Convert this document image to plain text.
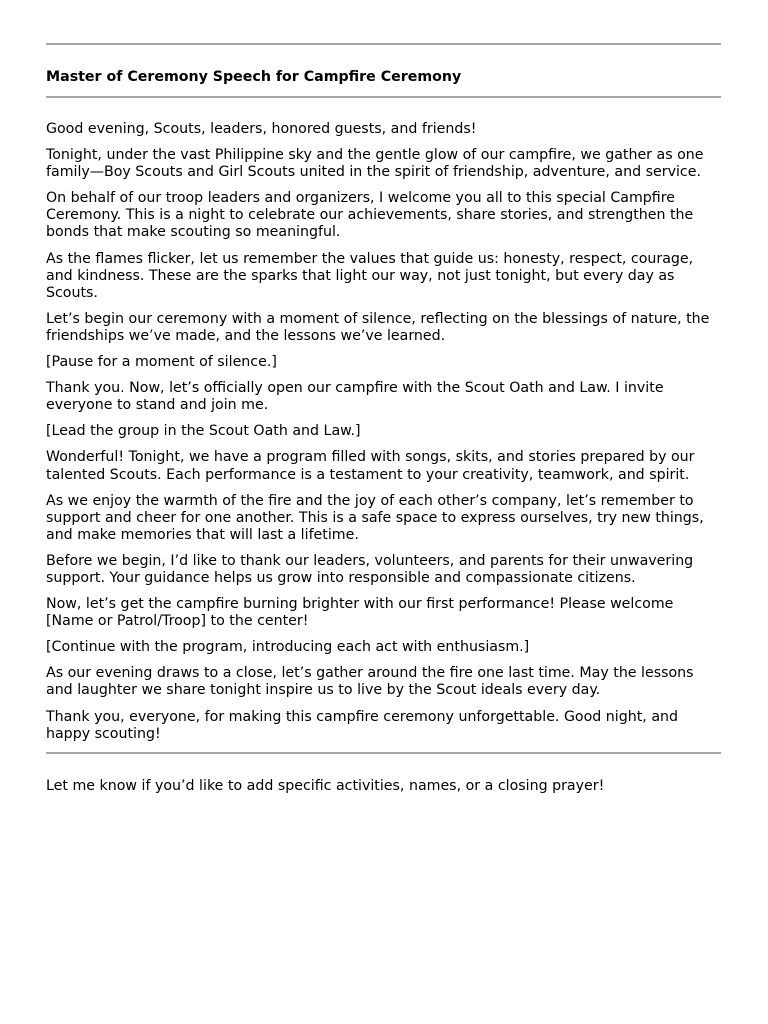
Master of Ceremony Speech for Campfire Ceremony

Good evening, Scouts, leaders, honored guests, and friends!

Tonight, under the vast Philippine sky and the gentle glow of our campfire, we gather as one family—Boy Scouts and Girl Scouts united in the spirit of friendship, adventure, and service.

On behalf of our troop leaders and organizers, I welcome you all to this special Campfire Ceremony. This is a night to celebrate our achievements, share stories, and strengthen the bonds that make scouting so meaningful.

As the flames flicker, let us remember the values that guide us: honesty, respect, courage, and kindness. These are the sparks that light our way, not just tonight, but every day as Scouts.

Let’s begin our ceremony with a moment of silence, reflecting on the blessings of nature, the friendships we’ve made, and the lessons we’ve learned.

[Pause for a moment of silence.]

Thank you. Now, let’s officially open our campfire with the Scout Oath and Law. I invite everyone to stand and join me.

[Lead the group in the Scout Oath and Law.]

Wonderful! Tonight, we have a program filled with songs, skits, and stories prepared by our talented Scouts. Each performance is a testament to your creativity, teamwork, and spirit.

As we enjoy the warmth of the fire and the joy of each other’s company, let’s remember to support and cheer for one another. This is a safe space to express ourselves, try new things, and make memories that will last a lifetime.

Before we begin, I’d like to thank our leaders, volunteers, and parents for their unwavering support. Your guidance helps us grow into responsible and compassionate citizens.

Now, let’s get the campfire burning brighter with our first performance! Please welcome [Name or Patrol/Troop] to the center!

[Continue with the program, introducing each act with enthusiasm.]

As our evening draws to a close, let’s gather around the fire one last time. May the lessons and laughter we share tonight inspire us to live by the Scout ideals every day.

Thank you, everyone, for making this campfire ceremony unforgettable. Good night, and happy scouting!

Let me know if you’d like to add specific activities, names, or a closing prayer!
